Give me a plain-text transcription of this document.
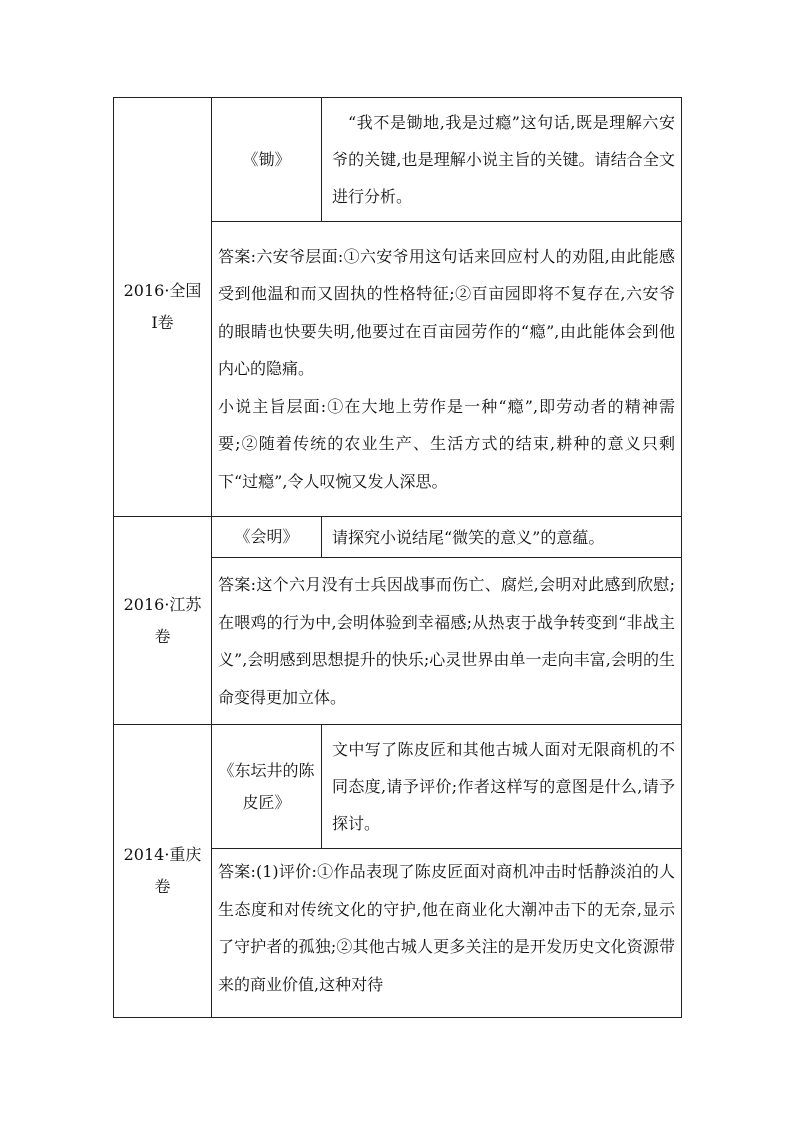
2016·全国Ⅰ卷	《锄》	“我不是锄地,我是过瘾”这句话,既是理解六安爷的关键,也是理解小说主旨的关键。请结合全文进行分析。

	答案:六安爷层面:①六安爷用这句话来回应村人的劝阻,由此能感受到他温和而又固执的性格特征;②百亩园即将不复存在,六安爷的眼睛也快要失明,他要过在百亩园劳作的“瘾”,由此能体会到他内心的隐痛。

小说主旨层面:①在大地上劳作是一种“瘾”,即劳动者的精神需要;②随着传统的农业生产、生活方式的结束,耕种的意义只剩下“过瘾”,令人叹惋又发人深思。	

2016·江苏卷	《会明》	请探究小说结尾“微笑的意义”的意蕴。

	答案:这个六月没有士兵因战事而伤亡、腐烂,会明对此感到欣慰;在喂鸡的行为中,会明体验到幸福感;从热衷于战争转变到“非战主义”,会明感到思想提升的快乐;心灵世界由单一走向丰富,会明的生命变得更加立体。	

2014·重庆卷	《东坛井的陈皮匠》	文中写了陈皮匠和其他古城人面对无限商机的不同态度,请予评价;作者这样写的意图是什么,请予探讨。

	答案:(1)评价:①作品表现了陈皮匠面对商机冲击时恬静淡泊的人生态度和对传统文化的守护,他在商业化大潮冲击下的无奈,显示了守护者的孤独;②其他古城人更多关注的是开发历史文化资源带来的商业价值,这种对待	
